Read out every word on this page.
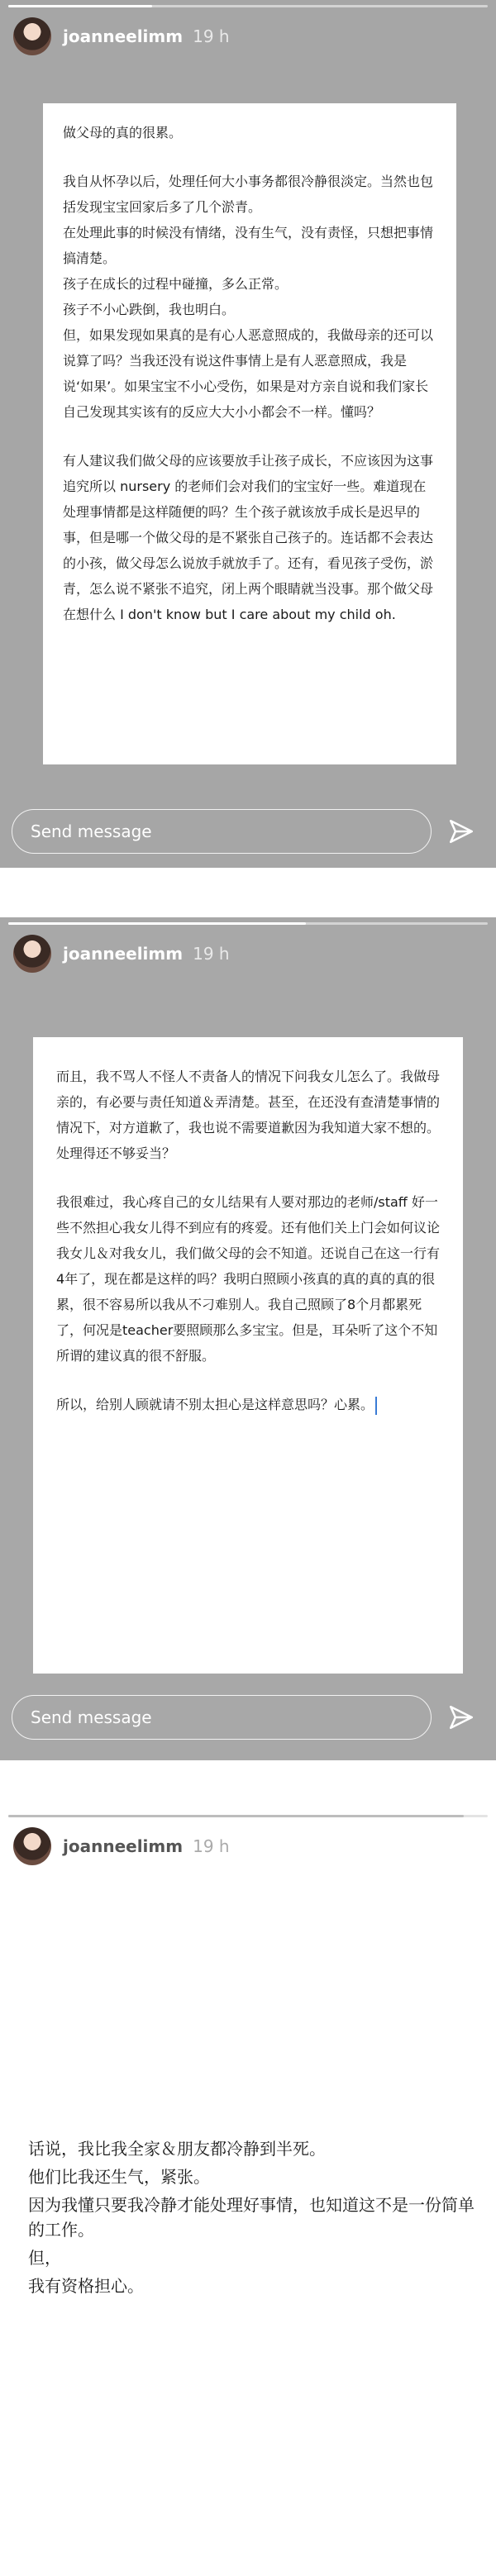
joanneelimm 19 h

做父母的真的很累。

我自从怀孕以后，处理任何大小事务都很冷静很淡定。当然也包括发现宝宝回家后多了几个淤青。
在处理此事的时候没有情绪，没有生气，没有责怪，只想把事情搞清楚。
孩子在成长的过程中碰撞，多么正常。
孩子不小心跌倒，我也明白。
但，如果发现如果真的是有心人恶意照成的，我做母亲的还可以说算了吗？当我还没有说这件事情上是有人恶意照成，我是说‘如果’。如果宝宝不小心受伤，如果是对方亲自说和我们家长自己发现其实该有的反应大大小小都会不一样。懂吗？

有人建议我们做父母的应该要放手让孩子成长，不应该因为这事追究所以 nursery 的老师们会对我们的宝宝好一些。难道现在处理事情都是这样随便的吗？生个孩子就该放手成长是迟早的事，但是哪一个做父母的是不紧张自己孩子的。连话都不会表达的小孩，做父母怎么说放手就放手了。还有，看见孩子受伤，淤青，怎么说不紧张不追究，闭上两个眼睛就当没事。那个做父母在想什么 I don't know but I care about my child oh.

Send message
joanneelimm 19 h

而且，我不骂人不怪人不责备人的情况下问我女儿怎么了。我做母亲的，有必要与责任知道＆弄清楚。甚至，在还没有查清楚事情的情况下，对方道歉了，我也说不需要道歉因为我知道大家不想的。处理得还不够妥当？

我很难过，我心疼自己的女儿结果有人要对那边的老师/staff 好一些不然担心我女儿得不到应有的疼爱。还有他们关上门会如何议论我女儿＆对我女儿，我们做父母的会不知道。还说自己在这一行有4年了，现在都是这样的吗？我明白照顾小孩真的真的真的真的很累，很不容易所以我从不刁难别人。我自己照顾了8个月都累死了，何况是teacher要照顾那么多宝宝。但是，耳朵听了这个不知所谓的建议真的很不舒服。

所以，给别人顾就请不别太担心是这样意思吗？心累。

Send message
joanneelimm 19 h
话说，我比我全家＆朋友都冷静到半死。
他们比我还生气，紧张。
因为我懂只要我冷静才能处理好事情，也知道这不是一份简单的工作。
但，
我有资格担心。
